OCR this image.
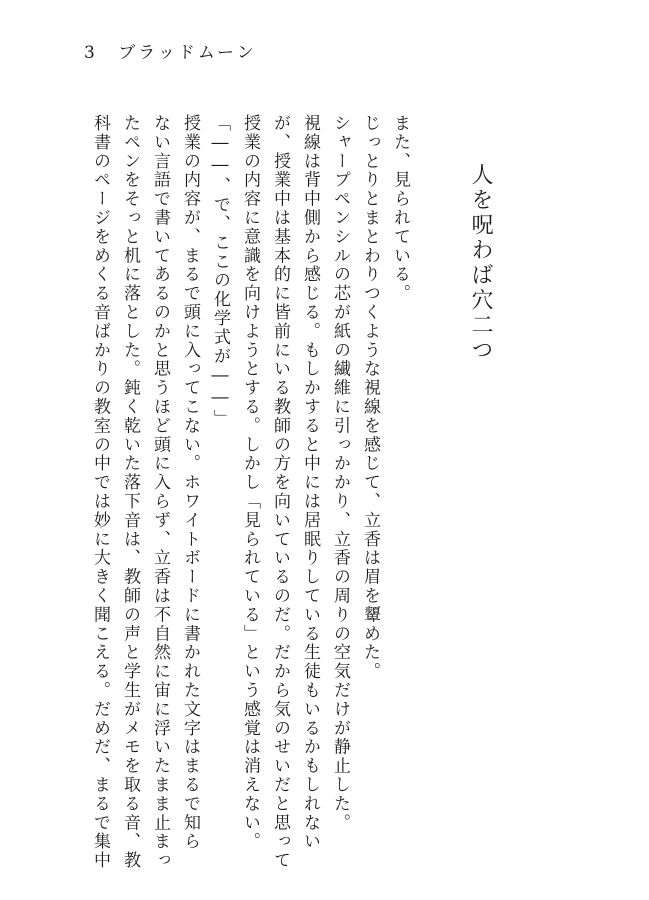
3 ブラッドムーン
人を呪わば穴二つ
また、見られている。
じっとりとまとわりつくような視線を感じて、立香は眉を顰めた。
シャープペンシルの芯が紙の繊維に引っかかり、立香の周りの空気だけが静止した。
視線は背中側から感じる。もしかすると中には居眠りしている生徒もいるかもしれない
が、授業中は基本的に皆前にいる教師の方を向いているのだ。だから気のせいだと思って
授業の内容に意識を向けようとする。しかし「見られている」という感覚は消えない。
「――、で、ここの化学式が――」
授業の内容が、まるで頭に入ってこない。ホワイトボードに書かれた文字はまるで知ら
ない言語で書いてあるのかと思うほど頭に入らず、立香は不自然に宙に浮いたまま止まっ
たペンをそっと机に落とした。鈍く乾いた落下音は、教師の声と学生がメモを取る音、教
科書のページをめくる音ばかりの教室の中では妙に大きく聞こえる。だめだ、まるで集中
